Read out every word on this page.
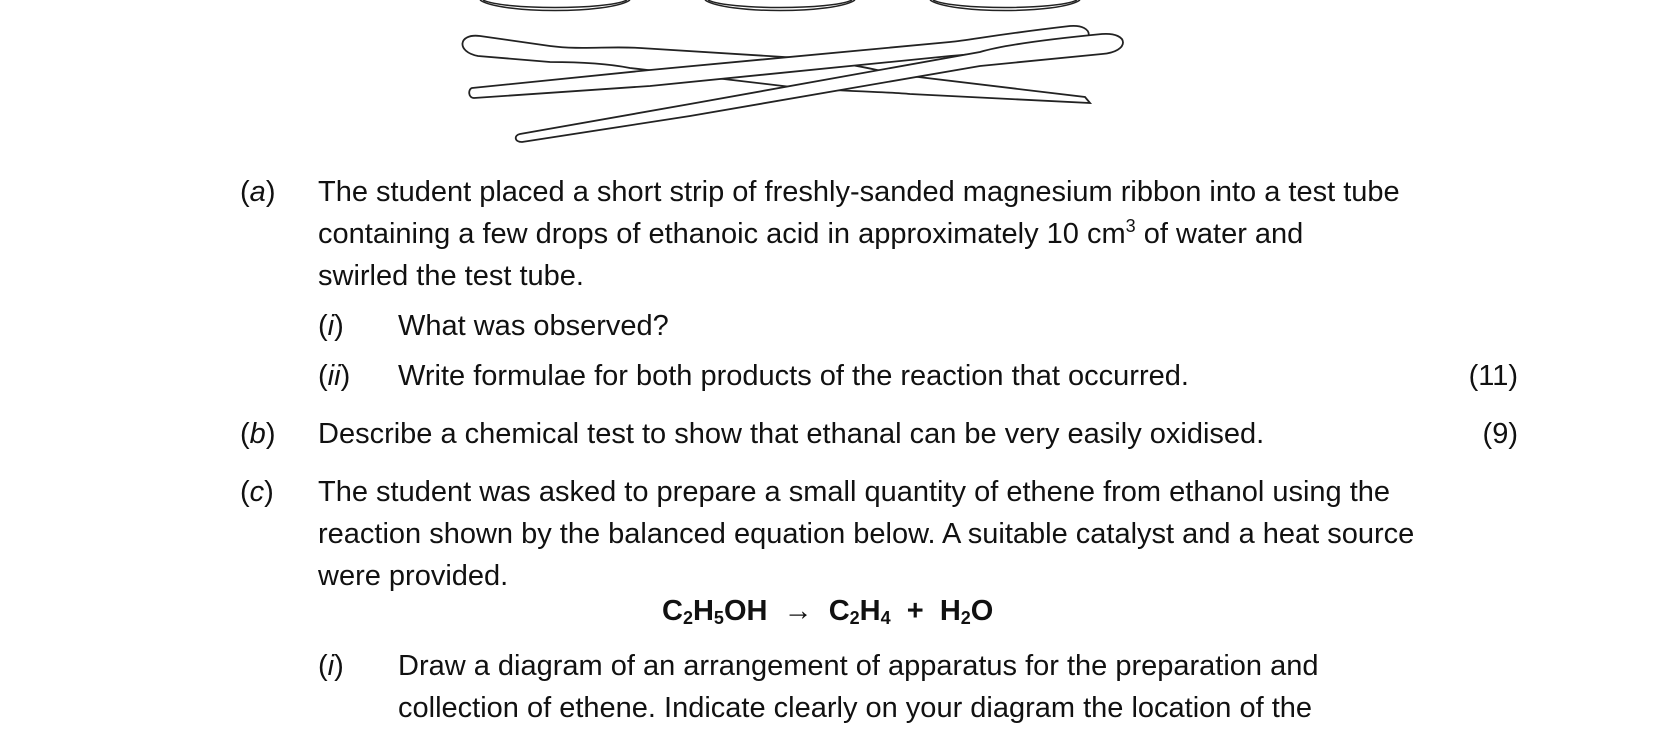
(a) The student placed a short strip of freshly-sanded magnesium ribbon into a test tube
containing a few drops of ethanoic acid in approximately 10 $cm^3$ of water and
swirled the test tube.
(i) What was observed?
(ii) Write formulae for both products of the reaction that occurred.	(11)
(b) Describe a chemical test to show that ethanal can be very easily oxidised.	(9)
(c) The student was asked to prepare a small quantity of ethene from ethanol using the
reaction shown by the balanced equation below. A suitable catalyst and a heat source
were provided.
$C_2H_5OH \to C_2H_4 + H_2O$
(i) Draw a diagram of an arrangement of apparatus for the preparation and
collection of ethene. Indicate clearly on your diagram the location of the
